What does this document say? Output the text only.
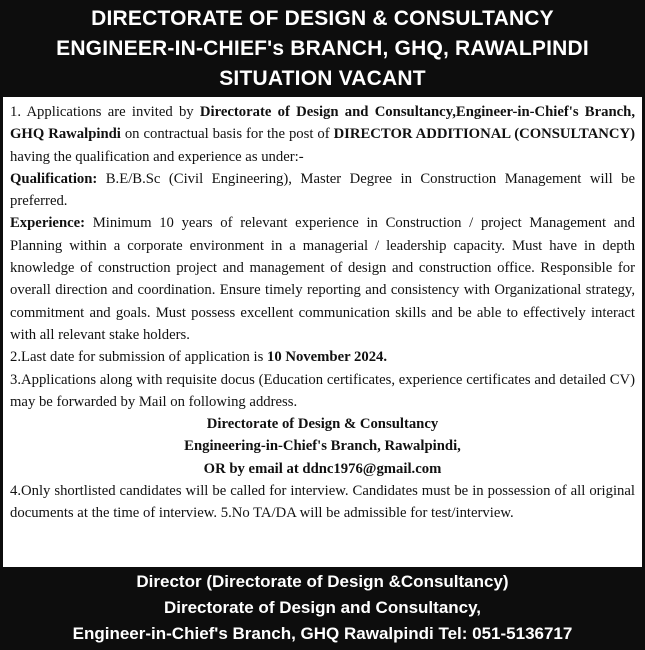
DIRECTORATE OF DESIGN & CONSULTANCY
ENGINEER-IN-CHIEF's BRANCH, GHQ, RAWALPINDI
SITUATION VACANT

1. Applications are invited by Directorate of Design and Consultancy,Engineer-in-Chief's Branch, GHQ Rawalpindi on contractual basis for the post of DIRECTOR ADDITIONAL (CONSULTANCY) having the qualification and experience as under:-

Qualification: B.E/B.Sc (Civil Engineering), Master Degree in Construction Management will be preferred.

Experience: Minimum 10 years of relevant experience in Construction / project Management and Planning within a corporate environment in a managerial / leadership capacity. Must have in depth knowledge of construction project and management of design and construction office. Responsible for overall direction and coordination. Ensure timely reporting and consistency with Organizational strategy, commitment and goals. Must possess excellent communication skills and be able to effectively interact with all relevant stake holders.

2.Last date for submission of application is 10 November 2024.

3.Applications along with requisite docus (Education certificates, experience certificates and detailed CV) may be forwarded by Mail on following address.

Directorate of Design & Consultancy

Engineering-in-Chief's Branch, Rawalpindi,

OR by email at ddnc1976@gmail.com

4.Only shortlisted candidates will be called for interview. Candidates must be in possession of all original documents at the time of interview. 5.No TA/DA will be admissible for test/interview.

Director (Directorate of Design &Consultancy)
Directorate of Design and Consultancy,
Engineer-in-Chief's Branch, GHQ Rawalpindi Tel: 051-5136717
